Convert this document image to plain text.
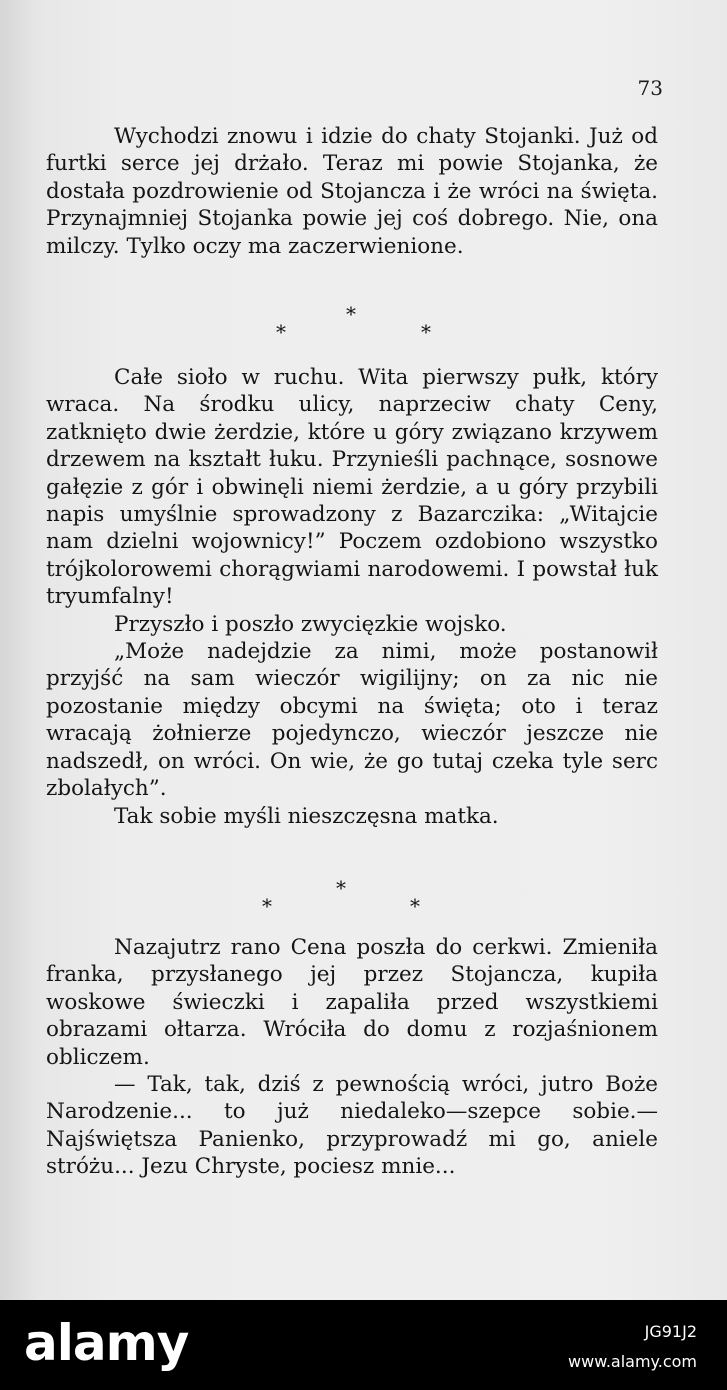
73

Wychodzi znowu i idzie do chaty Stojanki. Już od furtki serce jej drżało. Teraz mi powie Stojanka, że dostała pozdrowienie od Stojancza i że wróci na święta. Przynajmniej Stojanka powie jej coś dobrego. Nie, ona milczy. Tylko oczy ma zaczerwienione.

*
*
*

Całe sioło w ruchu. Wita pierwszy pułk, który wraca. Na środku ulicy, naprzeciw chaty Ceny, zatknięto dwie żerdzie, które u góry związano krzywem drzewem na kształt łuku. Przynieśli pachnące, sosnowe gałęzie z gór i obwinęli niemi żerdzie, a u góry przybili napis umyślnie sprowadzony z Bazarczika: „Witajcie nam dzielni wojownicy!” Poczem ozdobiono wszystko trójkolorowemi chorągwiami narodowemi. I powstał łuk tryumfalny!

Przyszło i poszło zwycięzkie wojsko.

„Może nadejdzie za nimi, może postanowił przyjść na sam wieczór wigilijny; on za nic nie pozostanie między obcymi na święta; oto i teraz wracają żołnierze pojedynczo, wieczór jeszcze nie nadszedł, on wróci. On wie, że go tutaj czeka tyle serc zbolałych”.

Tak sobie myśli nieszczęsna matka.

*
*
*

Nazajutrz rano Cena poszła do cerkwi. Zmieniła franka, przysłanego jej przez Stojancza, kupiła woskowe świeczki i zapaliła przed wszystkiemi obrazami ołtarza. Wróciła do domu z rozjaśnionem obliczem.

— Tak, tak, dziś z pewnością wróci, jutro Boże Narodzenie... to już niedaleko—szepce sobie.— Najświętsza Panienko, przyprowadź mi go, aniele stróżu... Jezu Chryste, pociesz mnie...

alamy	JG91J2
www.alamy.com
